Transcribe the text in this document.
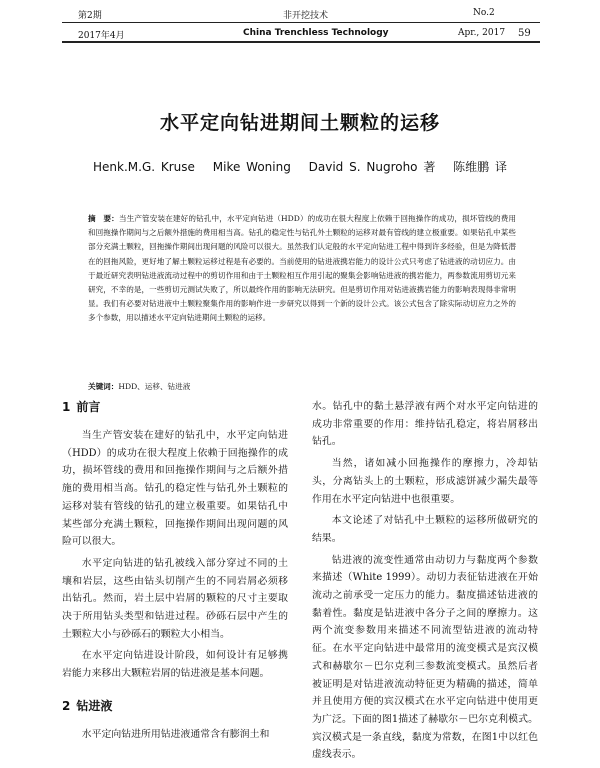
第2期	非开挖技术	No.2
2017年4月	China Trenchless Technology	Apr., 2017 59
水平定向钻进期间土颗粒的运移
Henk.M.G. Kruse Mike Woning David S. Nugroho 著 陈维鹏 译

摘　要：当生产管安装在建好的钻孔中，水平定向钻进（HDD）的成功在很大程度上依赖于回拖操作的成功，损坏管线的费用和回拖操作期间与之后额外措施的费用相当高。钻孔的稳定性与钻孔外土颗粒的运移对最有管线的建立极重要。如果钻孔中某些部分充满土颗粒，回拖操作期间出现问题的风险可以很大。虽然我们认定般的水平定向钻进工程中得到许多经验，但是为降低潜在的回拖风险，更好地了解土颗粒运移过程是有必要的。当前使用的钻进液携岩能力的设计公式只考虑了钻进液的动切应力。由于最近研究表明钻进液流动过程中的剪切作用和由于土颗粒相互作用引起的聚集会影响钻进液的携岩能力，两参数流用剪切元来研究，不幸的是，一些剪切元测试失败了，所以最终作用的影响无法研究。但是剪切作用对钻进液携岩能力的影响表现得非常明显。我们有必要对钻进液中土颗粒聚集作用的影响作进一步研究以得到一个新的设计公式。该公式包含了除实际动切应力之外的多个参数，用以描述水平定向钻进期间土颗粒的运移。

关键词：HDD、运移、钻进液

1 前言

当生产管安装在建好的钻孔中，水平定向钻进（HDD）的成功在很大程度上依赖于回拖操作的成功，损坏管线的费用和回拖操作期间与之后额外措施的费用相当高。钻孔的稳定性与钻孔外土颗粒的运移对装有管线的钻孔的建立极重要。如果钻孔中某些部分充满土颗粒，回拖操作期间出现问题的风险可以很大。

水平定向钻进的钻孔被线入部分穿过不同的土壤和岩层，这些由钻头切削产生的不同岩屑必须移出钻孔。然而，岩土层中岩屑的颗粒的尺寸主要取决于所用钻头类型和钻进过程。砂砾石层中产生的土颗粒大小与砂砾石的颗粒大小相当。

在水平定向钻进设计阶段，如何设计有足够携岩能力来移出大颗粒岩屑的钻进液是基本问题。

2 钻进液

水平定向钻进所用钻进液通常含有膨润土和

水。钻孔中的黏土悬浮液有两个对水平定向钻进的成功非常重要的作用：维持钻孔稳定，将岩屑移出钻孔。

当然，诸如减小回拖操作的摩擦力，冷却钻头，分离钻头上的土颗粒，形成滤饼减少漏失最等作用在水平定向钻进中也很重要。

本文论述了对钻孔中土颗粒的运移所做研究的结果。

钻进液的流变性通常由动切力与黏度两个参数来描述（White 1999）。动切力表征钻进液在开始流动之前承受一定压力的能力。黏度描述钻进液的黏着性。黏度是钻进液中各分子之间的摩擦力。这两个流变参数用来描述不同流型钻进液的流动特征。在水平定向钻进中最常用的流变模式是宾汉模式和赫歇尔－巴尔克利三参数流变模式。虽然后者被证明是对钻进液流动特征更为精确的描述，简单并且使用方便的宾汉模式在水平定向钻进中使用更为广泛。下面的图1描述了赫歇尔－巴尔克利模式。宾汉模式是一条直线，黏度为常数，在图1中以红色虚线表示。
